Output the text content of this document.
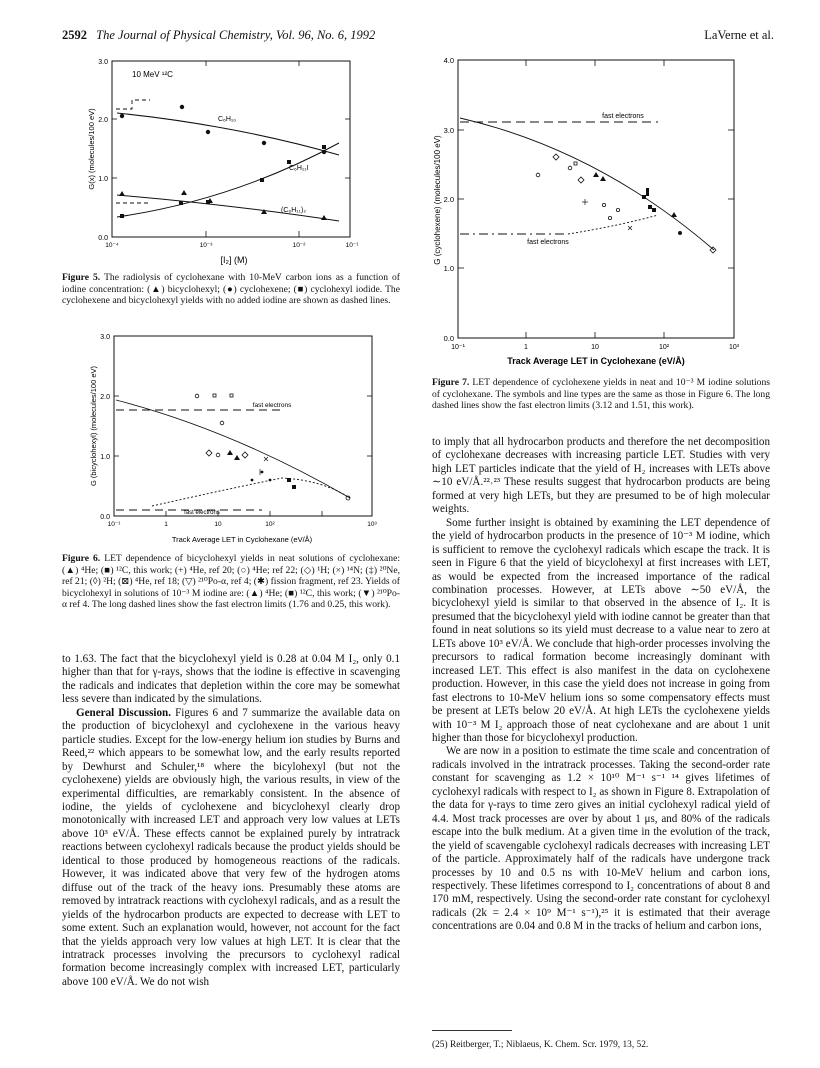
2592 The Journal of Physical Chemistry, Vol. 96, No. 6, 1992	LaVerne et al.
0.0
1.0
2.0
3.0
10⁻⁴	10⁻³	10⁻²	10⁻¹
[I₂] (M)
G(x) (molecules/100 eV)
10 MeV ¹²C
C₆H₁₀
C₆H₁₁I
(C₆H₁₁)₂
Figure 5. The radiolysis of cyclohexane with 10-MeV carbon ions as a function of iodine concentration: (▲) bicyclohexyl; (●) cyclohexene; (■) cyclohexyl iodide. The cyclohexene and bicyclohexyl yields with no added iodine are shown as dashed lines.
0.0
1.0
2.0
3.0
10⁻¹	1	10	10²	10³
Track Average LET in Cyclohexane (eV/Å)
G (bicyclohexyl) (molecules/100 eV)	fast electrons
fast electrons
Figure 6. LET dependence of bicyclohexyl yields in neat solutions of cyclohexane: (▲) ⁴He; (■) ¹²C, this work; (+) ⁴He, ref 20; (○) ⁴He; ref 22; (◇) ¹H; (×) ¹⁴N; (‡) ²⁰Ne, ref 21; (◊) ²H; (⊠) ⁴He, ref 18; (▽) ²¹⁰Po-α, ref 4; (✱) fission fragment, ref 23. Yields of bicyclohexyl in solutions of 10⁻³ M iodine are: (▲) ⁴He; (■) ¹²C, this work; (▼) ²¹⁰Po-α ref 4. The long dashed lines show the fast electron limits (1.76 and 0.25, this work).

to 1.63. The fact that the bicyclohexyl yield is 0.28 at 0.04 M I₂, only 0.1 higher than that for γ-rays, shows that the iodine is effective in scavenging the radicals and indicates that depletion within the core may be somewhat less severe than indicated by the simulations.

General Discussion. Figures 6 and 7 summarize the available data on the production of bicyclohexyl and cyclohexene in the various heavy particle studies. Except for the low-energy helium ion studies by Burns and Reed,²² which appears to be somewhat low, and the early results reported by Dewhurst and Schuler,¹⁸ where the bicylohexyl (but not the cyclohexene) yields are obviously high, the various results, in view of the experimental difficulties, are remarkably consistent. In the absence of iodine, the yields of cyclohexene and bicyclohexyl clearly drop monotonically with increased LET and approach very low values at LETs above 10³ eV/Å. These effects cannot be explained purely by intratrack reactions between cyclohexyl radicals because the product yields should be identical to those produced by homogeneous reactions of the radicals. However, it was indicated above that very few of the hydrogen atoms diffuse out of the track of the heavy ions. Presumably these atoms are removed by intratrack reactions with cyclohexyl radicals, and as a result the yields of the hydrocarbon products are expected to decrease with LET to some extent. Such an explanation would, however, not account for the fact that the yields approach very low values at high LET. It is clear that the intratrack processes involving the precursors to cyclohexyl radical formation become increasingly complex with increased LET, particularly above 100 eV/Å. We do not wish

0.0
1.0
2.0
3.0
4.0
10⁻¹	1	10	10²	10³
Track Average LET in Cyclohexane (eV/Å)
G (cyclohexene) (molecules/100 eV)
fast electrons
fast electrons
Figure 7. LET dependence of cyclohexene yields in neat and 10⁻³ M iodine solutions of cyclohexane. The symbols and line types are the same as those in Figure 6. The long dashed lines show the fast electron limits (3.12 and 1.51, this work).

to imply that all hydrocarbon products and therefore the net decomposition of cyclohexane decreases with increasing particle LET. Studies with very high LET particles indicate that the yield of H₂ increases with LETs above ∼10 eV/Å.²²˒²³ These results suggest that hydrocarbon products are being formed at very high LETs, but they are presumed to be of high molecular weights.

Some further insight is obtained by examining the LET dependence of the yield of hydrocarbon products in the presence of 10⁻³ M iodine, which is sufficient to remove the cyclohexyl radicals which escape the track. It is seen in Figure 6 that the yield of bicyclohexyl at first increases with LET, as would be expected from the increased importance of the radical combination processes. However, at LETs above ∼50 eV/Å, the bicyclohexyl yield is similar to that observed in the absence of I₂. It is presumed that the bicyclohexyl yield with iodine cannot be greater than that found in neat solutions so its yield must decrease to a value near to zero at LETs above 10³ eV/Å. We conclude that high-order processes involving the precursors to radical formation become increasingly dominant with increased LET. This effect is also manifest in the data on cyclohexene production. However, in this case the yield does not increase in going from fast electrons to 10-MeV helium ions so some compensatory effects must be present at LETs below 20 eV/Å. At high LETs the cyclohexene yields with 10⁻³ M I₂ approach those of neat cyclohexane and are about 1 unit higher than those for bicyclohexyl production.

We are now in a position to estimate the time scale and concentration of radicals involved in the intratrack processes. Taking the second-order rate constant for scavenging as 1.2 × 10¹⁰ M⁻¹ s⁻¹ ¹⁴ gives lifetimes of cyclohexyl radicals with respect to I₂ as shown in Figure 8. Extrapolation of the data for γ-rays to time zero gives an initial cyclohexyl radical yield of 4.4. Most track processes are over by about 1 μs, and 80% of the radicals escape into the bulk medium. At a given time in the evolution of the track, the yield of scavengable cyclohexyl radicals decreases with increasing LET of the particle. Approximately half of the radicals have undergone track processes by 10 and 0.5 ns with 10-MeV helium and carbon ions, respectively. These lifetimes correspond to I₂ concentrations of about 8 and 170 mM, respectively. Using the second-order rate constant for cyclohexyl radicals (2k = 2.4 × 10⁹ M⁻¹ s⁻¹),²⁵ it is estimated that their average concentrations are 0.04 and 0.8 M in the tracks of helium and carbon ions,

(25) Reitberger, T.; Niblaeus, K. Chem. Scr. 1979, 13, 52.
